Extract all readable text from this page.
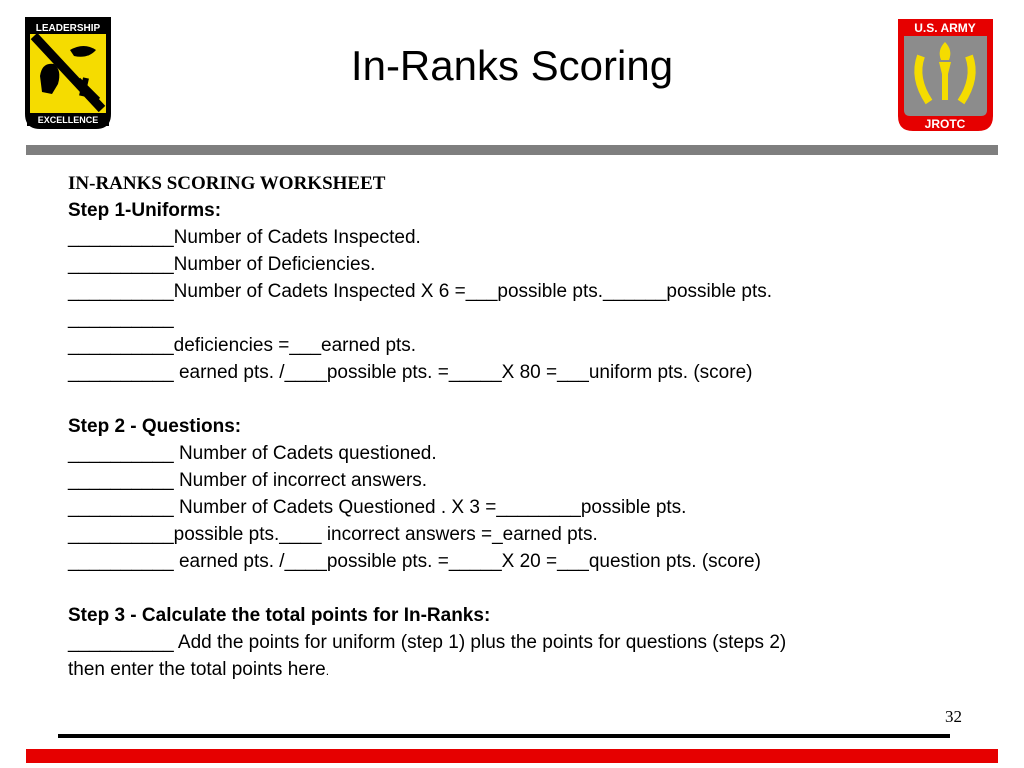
LEADERSHIP
EXCELLENCE
In-Ranks Scoring
U.S. ARMY
JROTC
IN-RANKS SCORING WORKSHEET
Step 1-Uniforms:
__________Number of Cadets Inspected.
__________Number of Deficiencies.
__________Number of Cadets Inspected X 6 =___possible pts.______possible pts.
__________
__________deficiencies =___earned pts.
__________ earned pts. /____possible pts. =_____X 80 =___uniform pts. (score)
Step 2 - Questions:
__________ Number of Cadets questioned.
__________ Number of incorrect answers.
__________ Number of Cadets Questioned . X 3 =________possible pts.
__________possible pts.____ incorrect answers =_earned pts.
__________ earned pts. /____possible pts. =_____X 20 =___question pts. (score)
Step 3 - Calculate the total points for In-Ranks:
__________ Add the points for uniform (step 1) plus the points for questions (steps 2)
then enter the total points here.
32
